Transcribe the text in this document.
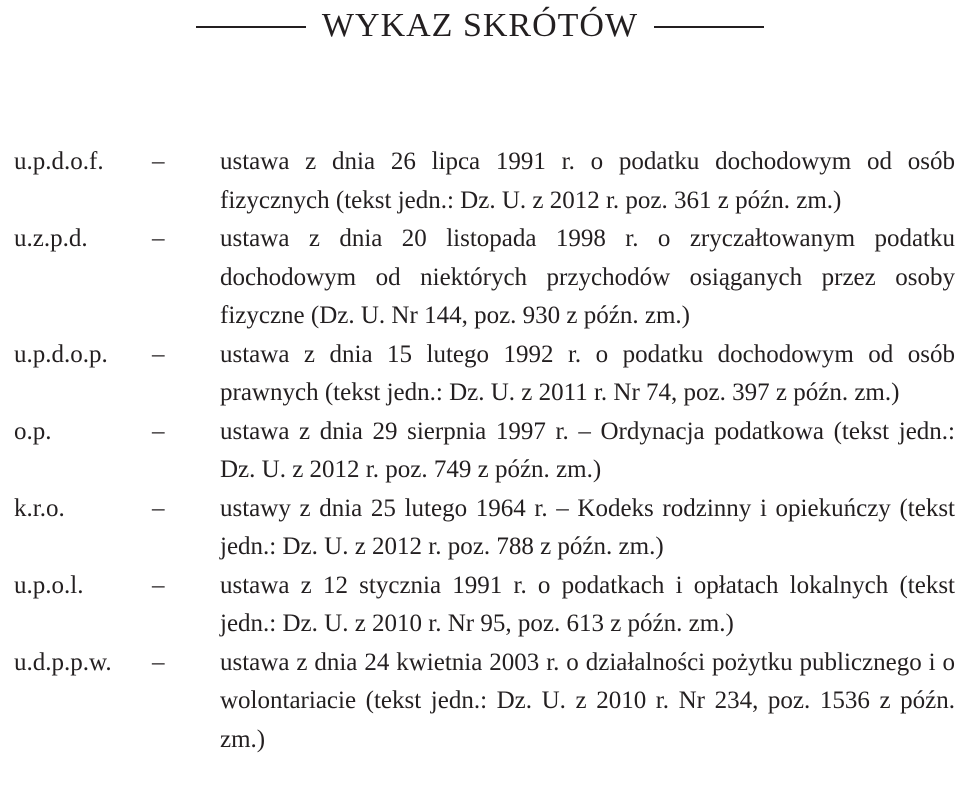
WYKAZ SKRÓTÓW
u.p.d.o.f.	–	ustawa z dnia 26 lipca 1991 r. o podatku dochodowym od osób fizycznych (tekst jedn.: Dz. U. z 2012 r. poz. 361 z późn. zm.)
u.z.p.d.	–	ustawa z dnia 20 listopada 1998 r. o zryczałtowanym podatku dochodowym od niektórych przychodów osiąganych przez osoby fizyczne (Dz. U. Nr 144, poz. 930 z późn. zm.)
u.p.d.o.p.	–	ustawa z dnia 15 lutego 1992 r. o podatku dochodowym od osób prawnych (tekst jedn.: Dz. U. z 2011 r. Nr 74, poz. 397 z późn. zm.)
o.p.	–	ustawa z dnia 29 sierpnia 1997 r. – Ordynacja podatkowa (tekst jedn.: Dz. U. z 2012 r. poz. 749 z późn. zm.)
k.r.o.	–	ustawy z dnia 25 lutego 1964 r. – Kodeks rodzinny i opiekuńczy (tekst jedn.: Dz. U. z 2012 r. poz. 788 z późn. zm.)
u.p.o.l.	–	ustawa z 12 stycznia 1991 r. o podatkach i opłatach lokalnych (tekst jedn.: Dz. U. z 2010 r. Nr 95, poz. 613 z późn. zm.)
u.d.p.p.w.	–	ustawa z dnia 24 kwietnia 2003 r. o działalności pożytku publicznego i o wolontariacie (tekst jedn.: Dz. U. z 2010 r. Nr 234, poz. 1536 z późn. zm.)
